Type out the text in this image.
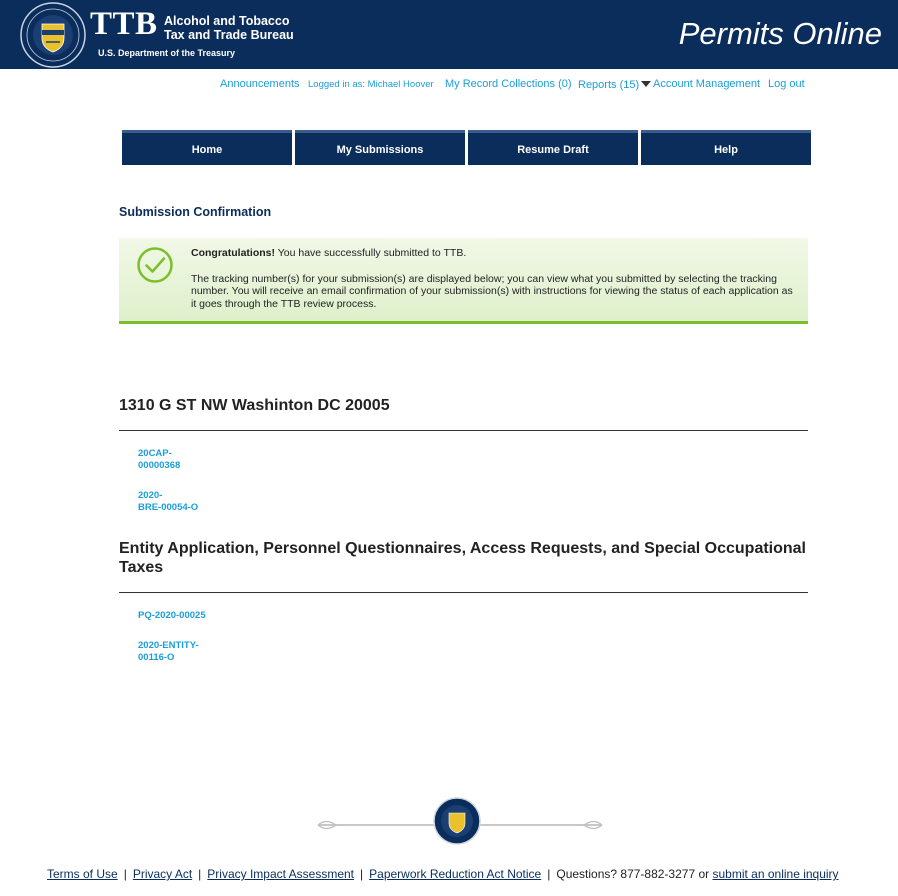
TTB Alcohol and Tobacco
Tax and Trade Bureau
U.S. Department of the Treasury
Permits Online
Announcements Logged in as: Michael Hoover My Record Collections (0) Reports (15)	Account Management Log out
Home	My Submissions	Resume Draft	Help
Submission Confirmation
Congratulations! You have successfully submitted to TTB.
The tracking number(s) for your submission(s) are displayed below; you can view what you submitted by selecting the tracking number. You will receive an email confirmation of your submission(s) with instructions for viewing the status of each application as it goes through the TTB review process.
1310 G ST NW Washinton DC 20005
20CAP-
00000368
2020-
BRE-00054-O
Entity Application, Personnel Questionnaires, Access Requests, and Special Occupational Taxes
PQ-2020-00025
2020-ENTITY-
00116-O
Terms of Use | Privacy Act | Privacy Impact Assessment | Paperwork Reduction Act Notice | Questions? 877-882-3277 or submit an online inquiry
